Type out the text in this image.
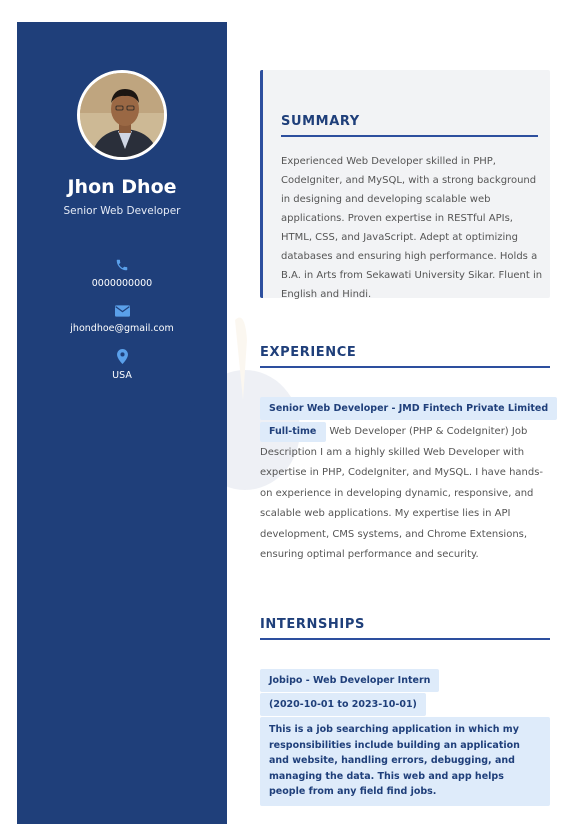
Jhon Dhoe
Senior Web Developer
0000000000
jhondhoe@gmail.com
USA
SUMMARY
Experienced Web Developer skilled in PHP, CodeIgniter, and MySQL, with a strong background in designing and developing scalable web applications. Proven expertise in RESTful APIs, HTML, CSS, and JavaScript. Adept at optimizing databases and ensuring high performance. Holds a B.A. in Arts from Sekawati University Sikar. Fluent in English and Hindi.
EXPERIENCE
Senior Web Developer - JMD Fintech Private Limited
Full-time Web Developer (PHP & CodeIgniter) Job Description I am a highly skilled Web Developer with expertise in PHP, CodeIgniter, and MySQL. I have hands-on experience in developing dynamic, responsive, and scalable web applications. My expertise lies in API development, CMS systems, and Chrome Extensions, ensuring optimal performance and security.
INTERNSHIPS
Jobipo - Web Developer Intern
(2020-10-01 to 2023-10-01)
This is a job searching application in which my responsibilities include building an application and website, handling errors, debugging, and managing the data. This web and app helps people from any field find jobs.
